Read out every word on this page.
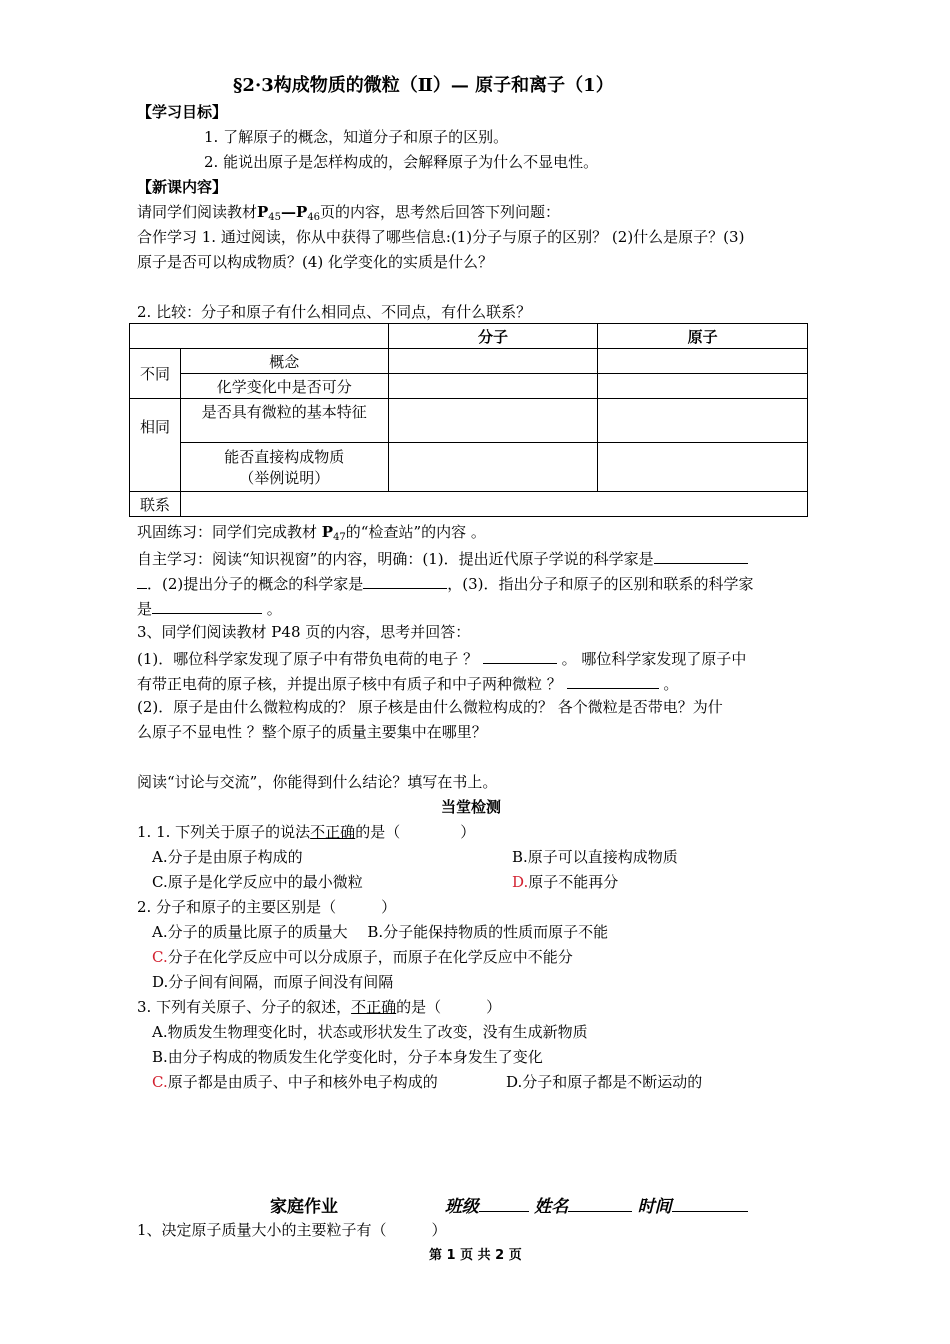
§2·3构成物质的微粒（Ⅱ）— 原子和离子（1）
【学习目标】
1. 了解原子的概念，知道分子和原子的区别。
2. 能说出原子是怎样构成的，会解释原子为什么不显电性。
【新课内容】
请同学们阅读教材$P_{45}—P_{46}$页的内容，思考然后回答下列问题：
合作学习 1. 通过阅读，你从中获得了哪些信息:(1)分子与原子的区别？ (2)什么是原子？(3)
原子是否可以构成物质？(4) 化学变化的实质是什么？
2. 比较：分子和原子有什么相同点、不同点，有什么联系？
		分子	原子
不同	概念		
	化学变化中是否可分		
相同	是否具有微粒的基本特征		

	能否直接构成物质
（举例说明）		

联系			
巩固练习：同学们完成教材 $P_{47}$的“检查站”的内容 。
自主学习：阅读“知识视窗”的内容，明确：(1)．提出近代原子学说的科学家是
．(2)提出分子的概念的科学家是	，(3)．指出分子和原子的区别和联系的科学家
是	。
3、同学们阅读教材 P48 页的内容，思考并回答：
(1)．哪位科学家发现了原子中有带负电荷的电子 ？	。 哪位科学家发现了原子中
有带正电荷的原子核，并提出原子核中有质子和中子两种微粒 ？	。
(2)．原子是由什么微粒构成的？ 原子核是由什么微粒构成的？ 各个微粒是否带电？为什
么原子不显电性 ？整个原子的质量主要集中在哪里？
阅读“讨论与交流”，你能得到什么结论？填写在书上。
当堂检测
1. 1. 下列关于原子的说法不正确的是（　　　　）
A.分子是由原子构成的	B.原子可以直接构成物质
C.原子是化学反应中的最小微粒	D.原子不能再分
2. 分子和原子的主要区别是（　　　）
A.分子的质量比原子的质量大 　B.分子能保持物质的性质而原子不能
C.分子在化学反应中可以分成原子，而原子在化学反应中不能分
D.分子间有间隔，而原子间没有间隔
3. 下列有关原子、分子的叙述，不正确的是（　　　）
A.物质发生物理变化时，状态或形状发生了改变，没有生成新物质
B.由分子构成的物质发生化学变化时，分子本身发生了变化
C.原子都是由质子、中子和核外电子构成的	D.分子和原子都是不断运动的
家庭作业	班级	姓名	时间
1、决定原子质量大小的主要粒子有（　　　）
第 1 页 共 2 页
